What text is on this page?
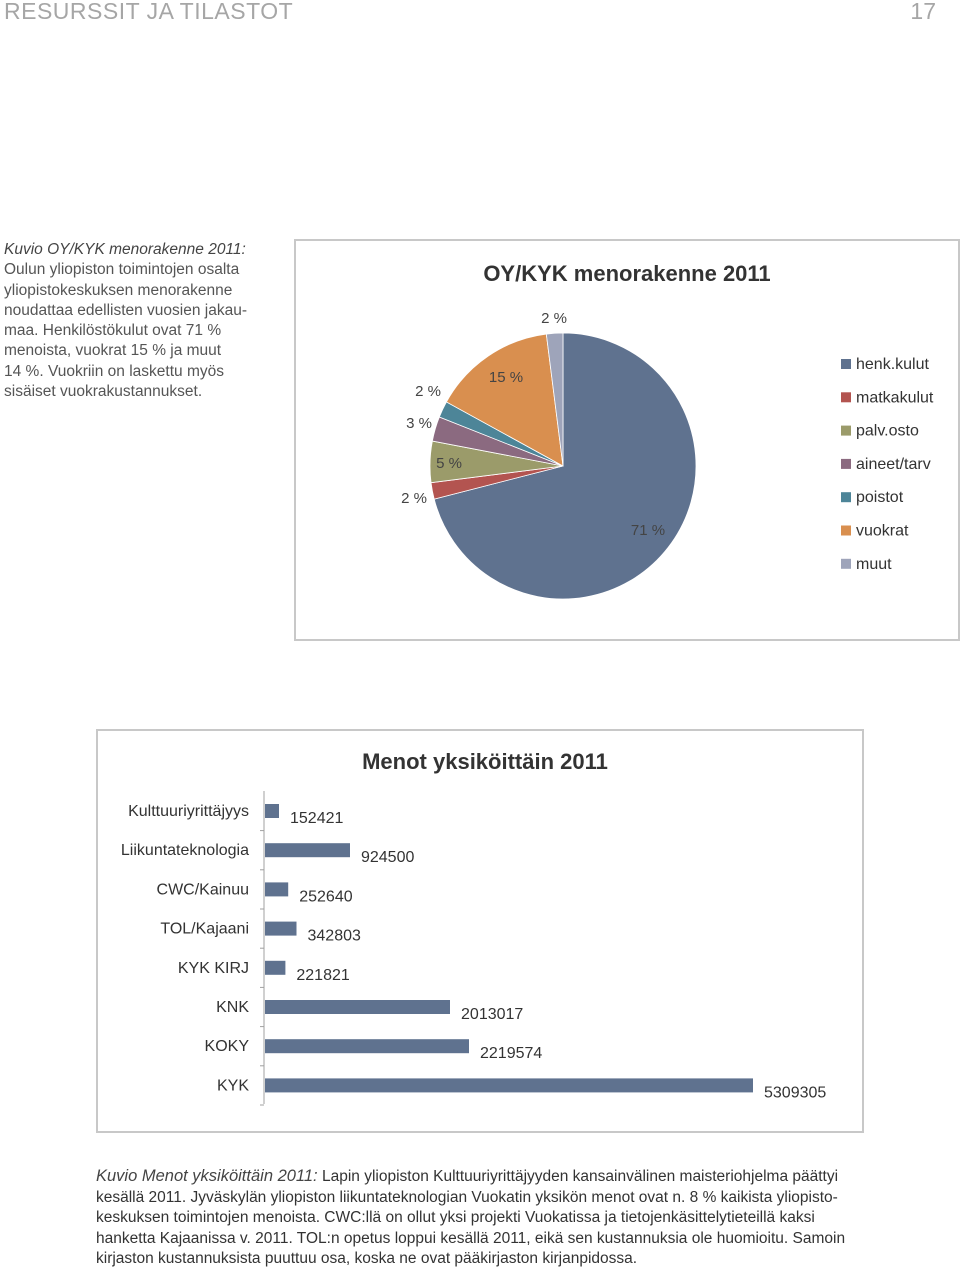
RESURSSIT JA TILASTOT	17
Kuvio OY/KYK menorakenne 2011:
Oulun yliopiston toimintojen osalta
yliopistokeskuksen menorakenne
noudattaa edellisten vuosien jakau-
maa. Henkilöstökulut ovat 71 %
menoista, vuokrat 15 % ja muut
14 %. Vuokriin on laskettu myös
sisäiset vuokrakustannukset.
OY/KYK menorakenne 2011
71 %
2 %
5 %
3 %
2 %
15 %
2 %
henk.kulut
matkakulut
palv.osto
aineet/tarv
poistot
vuokrat
muut
Menot yksiköittäin 2011
Kulttuuriyrittäjyys	152421
Liikuntateknologia	924500
CWC/Kainuu	252640
TOL/Kajaani	342803
KYK KIRJ	221821
KNK	2013017
KOKY	2219574
KYK	5309305
Kuvio Menot yksiköittäin 2011: Lapin yliopiston Kulttuuriyrittäjyyden kansainvälinen maisteriohjelma päättyi
kesällä 2011. Jyväskylän yliopiston liikuntateknologian Vuokatin yksikön menot ovat n. 8 % kaikista yliopisto-
keskuksen toimintojen menoista. CWC:llä on ollut yksi projekti Vuokatissa ja tietojenkäsittelytieteillä kaksi
hanketta Kajaanissa v. 2011. TOL:n opetus loppui kesällä 2011, eikä sen kustannuksia ole huomioitu. Samoin
kirjaston kustannuksista puuttuu osa, koska ne ovat pääkirjaston kirjanpidossa.
